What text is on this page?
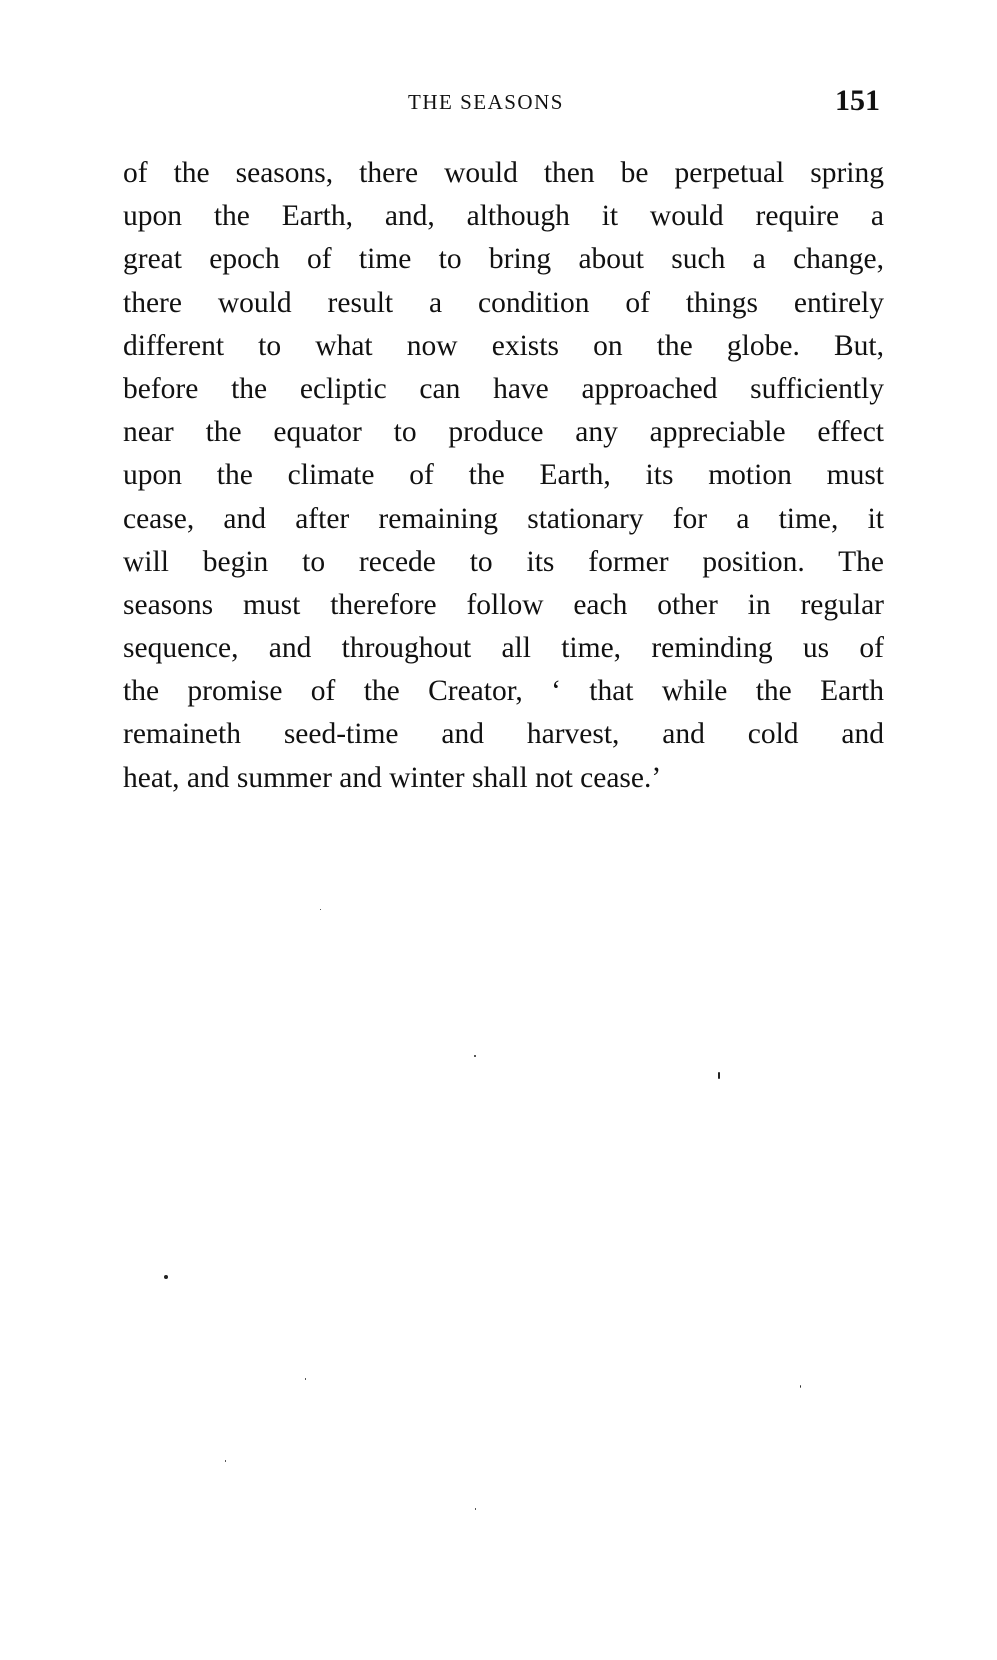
THE SEASONS	151
of the seasons, there would then be perpetual spring
upon the Earth, and, although it would require a
great epoch of time to bring about such a change,
there would result a condition of things entirely
different to what now exists on the globe. But,
before the ecliptic can have approached sufficiently
near the equator to produce any appreciable effect
upon the climate of the Earth, its motion must
cease, and after remaining stationary for a time, it
will begin to recede to its former position. The
seasons must therefore follow each other in regular
sequence, and throughout all time, reminding us of
the promise of the Creator, ‘ that while the Earth
remaineth seed-time and harvest, and cold and
heat, and summer and winter shall not cease.’
